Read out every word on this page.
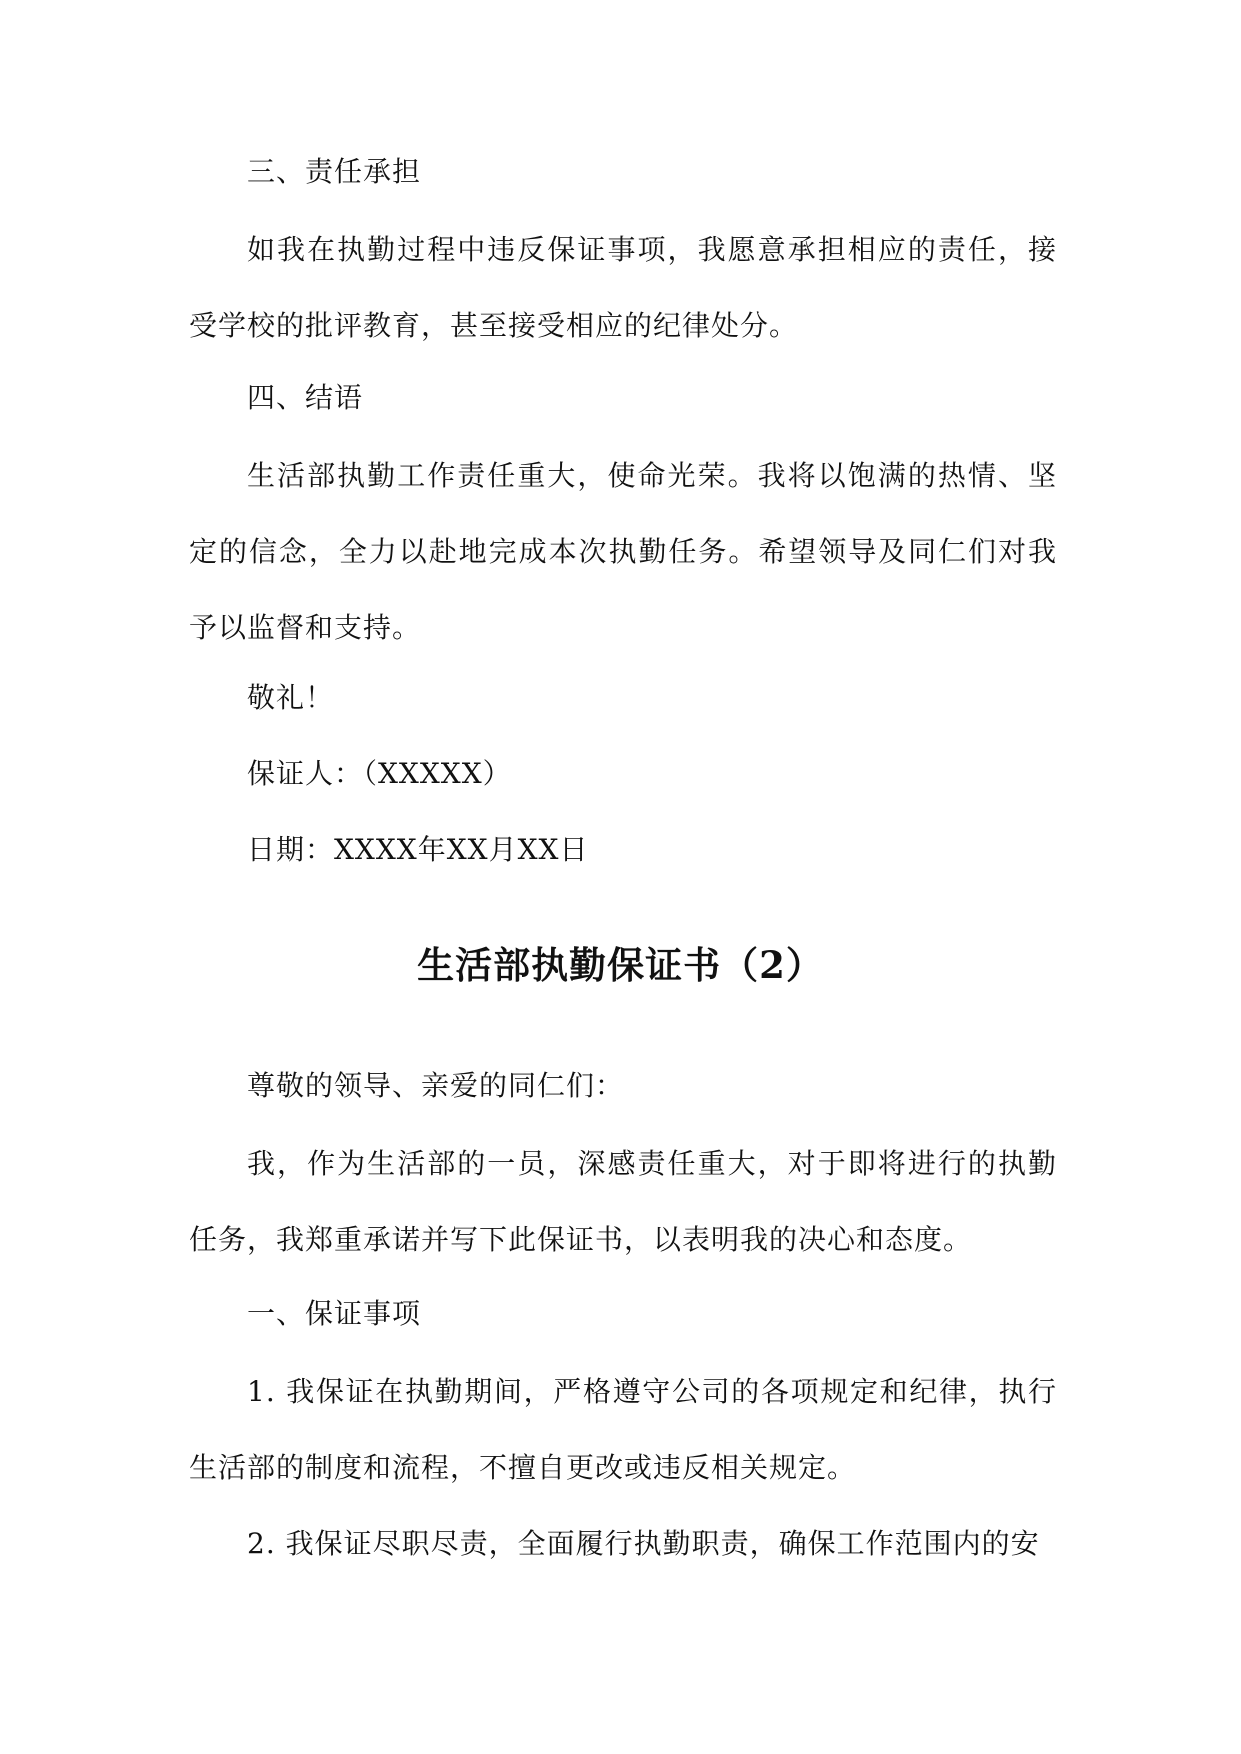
三、责任承担

如我在执勤过程中违反保证事项，我愿意承担相应的责任，接受学校的批评教育，甚至接受相应的纪律处分。

四、结语

生活部执勤工作责任重大，使命光荣。我将以饱满的热情、坚定的信念，全力以赴地完成本次执勤任务。希望领导及同仁们对我予以监督和支持。

敬礼！

保证人：（XXXXX）

日期：XXXX年XX月XX日

生活部执勤保证书（2）

尊敬的领导、亲爱的同仁们：

我，作为生活部的一员，深感责任重大，对于即将进行的执勤任务，我郑重承诺并写下此保证书，以表明我的决心和态度。

一、保证事项

1. 我保证在执勤期间，严格遵守公司的各项规定和纪律，执行生活部的制度和流程，不擅自更改或违反相关规定。

2. 我保证尽职尽责，全面履行执勤职责，确保工作范围内的安
